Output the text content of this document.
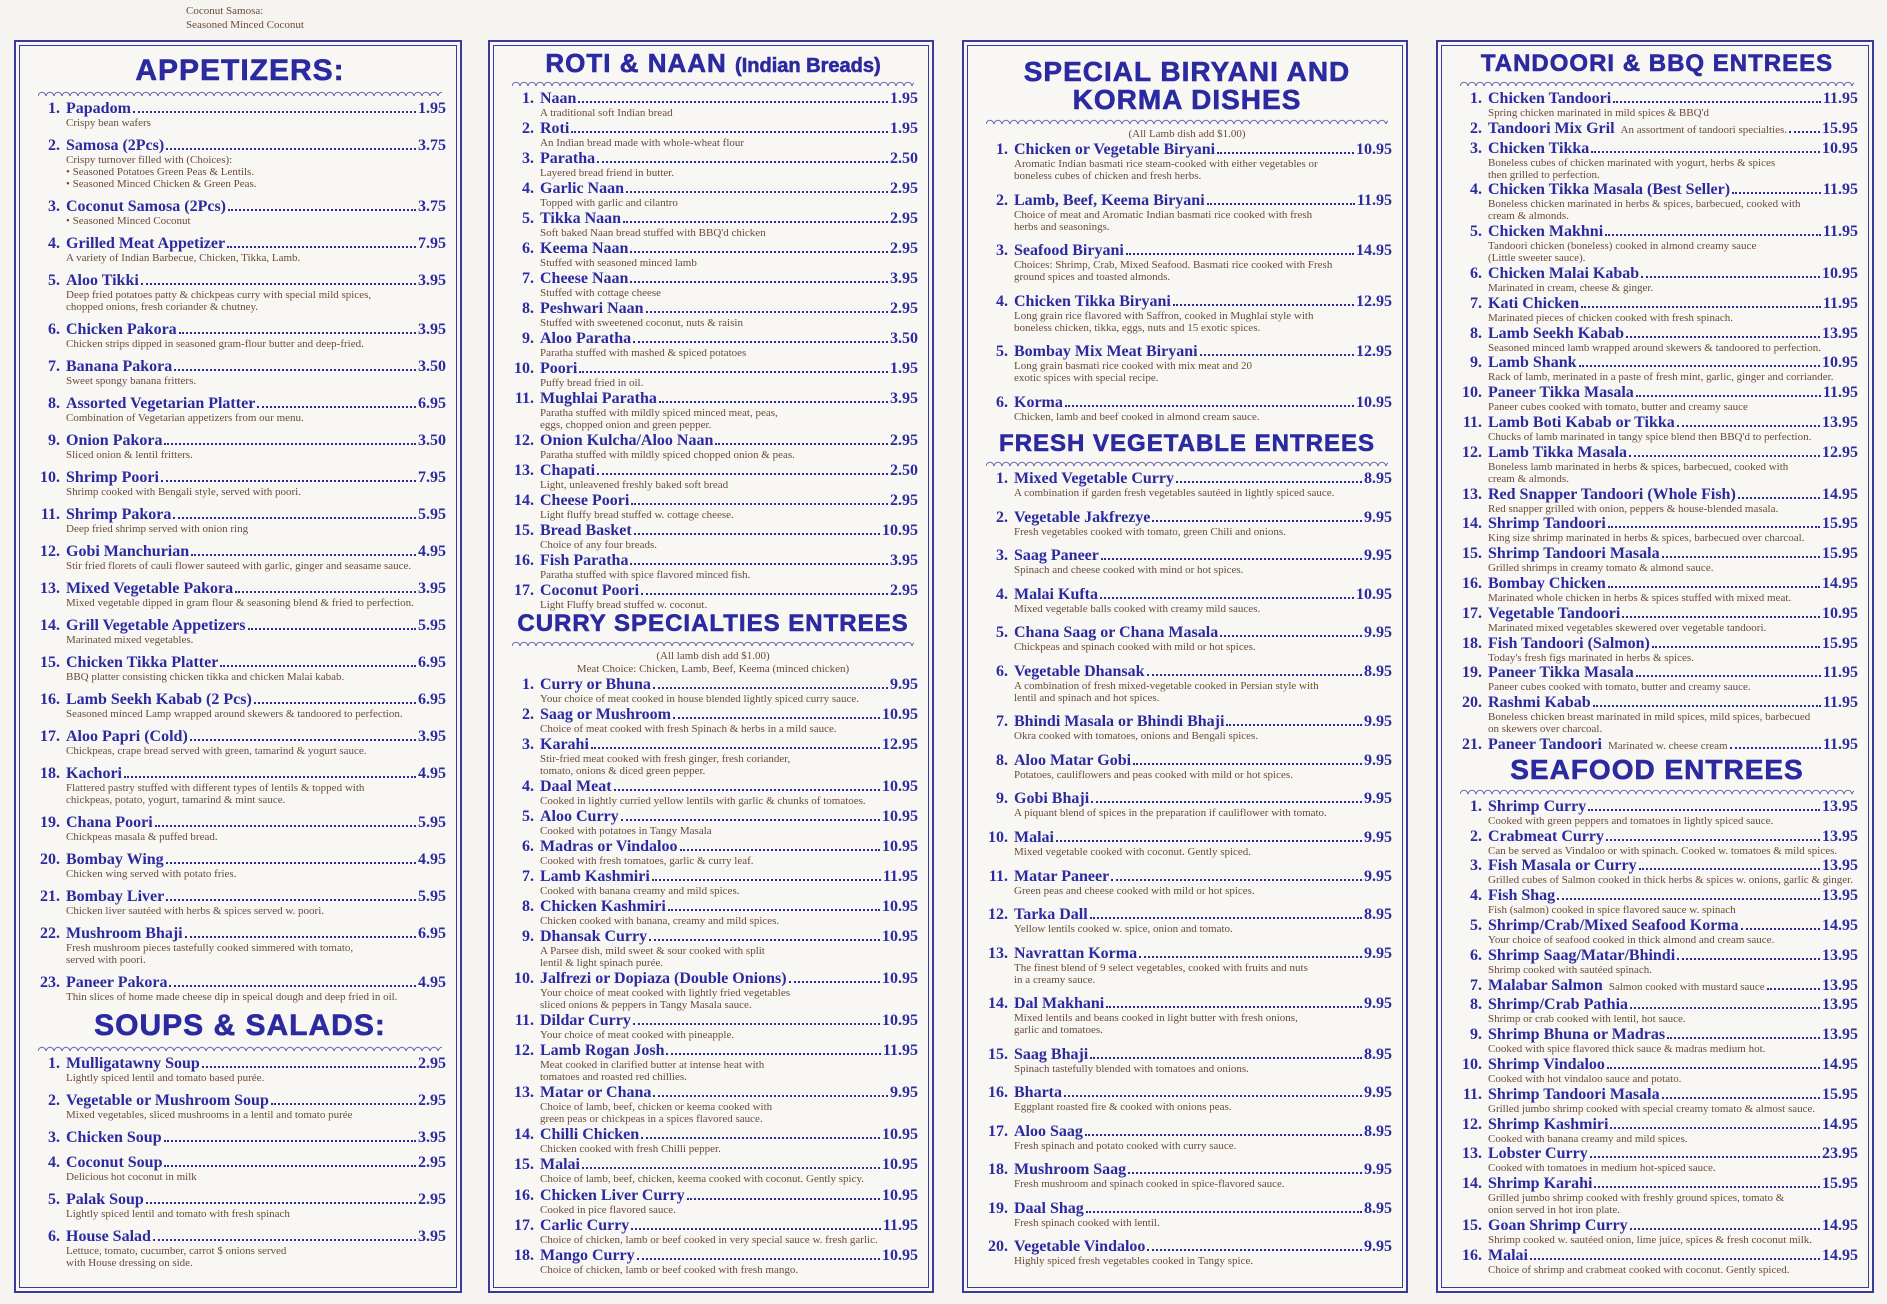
Coconut Samosa:
Seasoned Minced Coconut
APPETIZERS:
1. Papadom	1.95
Crispy bean wafers
2. Samosa (2Pcs)	3.75
Crispy turnover filled with (Choices):
• Seasoned Potatoes Green Peas & Lentils.
• Seasoned Minced Chicken & Green Peas.
3. Coconut Samosa (2Pcs)	3.75
• Seasoned Minced Coconut
4. Grilled Meat Appetizer	7.95
A variety of Indian Barbecue, Chicken, Tikka, Lamb.
5. Aloo Tikki	3.95
Deep fried potatoes patty & chickpeas curry with special mild spices,
chopped onions, fresh coriander & chutney.
6. Chicken Pakora	3.95
Chicken strips dipped in seasoned gram-flour butter and deep-fried.
7. Banana Pakora	3.50
Sweet spongy banana fritters.
8. Assorted Vegetarian Platter	6.95
Combination of Vegetarian appetizers from our menu.
9. Onion Pakora	3.50
Sliced onion & lentil fritters.
10. Shrimp Poori	7.95
Shrimp cooked with Bengali style, served with poori.
11. Shrimp Pakora	5.95
Deep fried shrimp served with onion ring
12. Gobi Manchurian	4.95
Stir fried florets of cauli flower sauteed with garlic, ginger and seasame sauce.
13. Mixed Vegetable Pakora	3.95
Mixed vegetable dipped in gram flour & seasoning blend & fried to perfection.
14. Grill Vegetable Appetizers	5.95
Marinated mixed vegetables.
15. Chicken Tikka Platter	6.95
BBQ platter consisting chicken tikka and chicken Malai kabab.
16. Lamb Seekh Kabab (2 Pcs)	6.95
Seasoned minced Lamp wrapped around skewers & tandoored to perfection.
17. Aloo Papri (Cold)	3.95
Chickpeas, crape bread served with green, tamarind & yogurt sauce.
18. Kachori	4.95
Flattered pastry stuffed with different types of lentils & topped with
chickpeas, potato, yogurt, tamarind & mint sauce.
19. Chana Poori	5.95
Chickpeas masala & puffed bread.
20. Bombay Wing	4.95
Chicken wing served with potato fries.
21. Bombay Liver	5.95
Chicken liver sautéed with herbs & spices served w. poori.
22. Mushroom Bhaji	6.95
Fresh mushroom pieces tastefully cooked simmered with tomato,
served with poori.
23. Paneer Pakora	4.95
Thin slices of home made cheese dip in speical dough and deep fried in oil.
SOUPS & SALADS:
1. Mulligatawny Soup	2.95
Lightly spiced lentil and tomato based purée.
2. Vegetable or Mushroom Soup	2.95
Mixed vegetables, sliced mushrooms in a lentil and tomato purée
3. Chicken Soup	3.95
4. Coconut Soup	2.95
Delicious hot coconut in milk
5. Palak Soup	2.95
Lightly spiced lentil and tomato with fresh spinach
6. House Salad	3.95
Lettuce, tomato, cucumber, carrot $ onions served
with House dressing on side.
ROTI & NAAN (Indian Breads)
1. Naan	1.95
A traditional soft Indian bread
2. Roti	1.95
An Indian bread made with whole-wheat flour
3. Paratha	2.50
Layered bread friend in butter.
4. Garlic Naan	2.95
Topped with garlic and cilantro
5. Tikka Naan	2.95
Soft baked Naan bread stuffed with BBQ'd chicken
6. Keema Naan	2.95
Stuffed with seasoned minced lamb
7. Cheese Naan	3.95
Stuffed with cottage cheese
8. Peshwari Naan	2.95
Stuffed with sweetened coconut, nuts & raisin
9. Aloo Paratha	3.50
Paratha stuffed with mashed & spiced potatoes
10. Poori	1.95
Puffy bread fried in oil.
11. Mughlai Paratha	3.95
Paratha stuffed with mildly spiced minced meat, peas,
eggs, chopped onion and green pepper.
12. Onion Kulcha/Aloo Naan	2.95
Paratha stuffed with mildly spiced chopped onion & peas.
13. Chapati	2.50
Light, unleavened freshly baked soft bread
14. Cheese Poori	2.95
Light fluffy bread stuffed w. cottage cheese.
15. Bread Basket	10.95
Choice of any four breads.
16. Fish Paratha	3.95
Paratha stuffed with spice flavored minced fish.
17. Coconut Poori	2.95
Light Fluffy bread stuffed w. coconut.
CURRY SPECIALTIES ENTREES
(All lamb dish add $1.00)
Meat Choice: Chicken, Lamb, Beef, Keema (minced chicken)
1. Curry or Bhuna	9.95
Your choice of meat cooked in house blended lightly spiced curry sauce.
2. Saag or Mushroom	10.95
Choice of meat cooked with fresh Spinach & herbs in a mild sauce.
3. Karahi	12.95
Stir-fried meat cooked with fresh ginger, fresh coriander,
tomato, onions & diced green pepper.
4. Daal Meat	10.95
Cooked in lightly curried yellow lentils with garlic & chunks of tomatoes.
5. Aloo Curry	10.95
Cooked with potatoes in Tangy Masala
6. Madras or Vindaloo	10.95
Cooked with fresh tomatoes, garlic & curry leaf.
7. Lamb Kashmiri	11.95
Cooked with banana creamy and mild spices.
8. Chicken Kashmiri	10.95
Chicken cooked with banana, creamy and mild spices.
9. Dhansak Curry	10.95
A Parsee dish, mild sweet & sour cooked with split
lentil & light spinach purée.
10. Jalfrezi or Dopiaza (Double Onions)	10.95
Your choice of meat cooked with lightly fried vegetables
sliced onions & peppers in Tangy Masala sauce.
11. Dildar Curry	10.95
Your choice of meat cooked with pineapple.
12. Lamb Rogan Josh	11.95
Meat cooked in clarified butter at intense heat with
tomatoes and roasted red chillies.
13. Matar or Chana	9.95
Choice of lamb, beef, chicken or keema cooked with
green peas or chickpeas in a spices flavored sauce.
14. Chilli Chicken	10.95
Chicken cooked with fresh Chilli pepper.
15. Malai	10.95
Choice of lamb, beef, chicken, keema cooked with coconut. Gently spicy.
16. Chicken Liver Curry	10.95
Cooked in pice flavored sauce.
17. Carlic Curry	11.95
Choice of chicken, lamb or beef cooked in very special sauce w. fresh garlic.
18. Mango Curry	10.95
Choice of chicken, lamb or beef cooked with fresh mango.
SPECIAL BIRYANI AND KORMA DISHES
(All Lamb dish add $1.00)
1. Chicken or Vegetable Biryani	10.95
Aromatic Indian basmati rice steam-cooked with either vegetables or
boneless cubes of chicken and fresh herbs.
2. Lamb, Beef, Keema Biryani	11.95
Choice of meat and Aromatic Indian basmati rice cooked with fresh
herbs and seasonings.
3. Seafood Biryani	14.95
Choices: Shrimp, Crab, Mixed Seafood. Basmati rice cooked with Fresh
ground spices and toasted almonds.
4. Chicken Tikka Biryani	12.95
Long grain rice flavored with Saffron, cooked in Mughlai style with
boneless chicken, tikka, eggs, nuts and 15 exotic spices.
5. Bombay Mix Meat Biryani	12.95
Long grain basmati rice cooked with mix meat and 20
exotic spices with special recipe.
6. Korma	10.95
Chicken, lamb and beef cooked in almond cream sauce.
FRESH VEGETABLE ENTREES
1. Mixed Vegetable Curry	8.95
A combination if garden fresh vegetables sautéed in lightly spiced sauce.
2. Vegetable Jakfrezye	9.95
Fresh vegetables cooked with tomato, green Chili and onions.
3. Saag Paneer	9.95
Spinach and cheese cooked with mind or hot spices.
4. Malai Kufta	10.95
Mixed vegetable balls cooked with creamy mild sauces.
5. Chana Saag or Chana Masala	9.95
Chickpeas and spinach cooked with mild or hot spices.
6. Vegetable Dhansak	8.95
A combination of fresh mixed-vegetable cooked in Persian style with
lentil and spinach and hot spices.
7. Bhindi Masala or Bhindi Bhaji	9.95
Okra cooked with tomatoes, onions and Bengali spices.
8. Aloo Matar Gobi	9.95
Potatoes, cauliflowers and peas cooked with mild or hot spices.
9. Gobi Bhaji	9.95
A piquant blend of spices in the preparation if cauliflower with tomato.
10. Malai	9.95
Mixed vegetable cooked with coconut. Gently spiced.
11. Matar Paneer	9.95
Green peas and cheese cooked with mild or hot spices.
12. Tarka Dall	8.95
Yellow lentils cooked w. spice, onion and tomato.
13. Navrattan Korma	9.95
The finest blend of 9 select vegetables, cooked with fruits and nuts
in a creamy sauce.
14. Dal Makhani	9.95
Mixed lentils and beans cooked in light butter with fresh onions,
garlic and tomatoes.
15. Saag Bhaji	8.95
Spinach tastefully blended with tomatoes and onions.
16. Bharta	9.95
Eggplant roasted fire & cooked with onions peas.
17. Aloo Saag	8.95
Fresh spinach and potato cooked with curry sauce.
18. Mushroom Saag	9.95
Fresh mushroom and spinach cooked in spice-flavored sauce.
19. Daal Shag	8.95
Fresh spinach cooked with lentil.
20. Vegetable Vindaloo	9.95
Highly spiced fresh vegetables cooked in Tangy spice.
TANDOORI & BBQ ENTREES
1. Chicken Tandoori	11.95
Spring chicken marinated in mild spices & BBQ'd
2. Tandoori Mix Gril An assortment of tandoori specialties. 15.95
3. Chicken Tikka	10.95
Boneless cubes of chicken marinated with yogurt, herbs & spices
then grilled to perfection.
4. Chicken Tikka Masala (Best Seller)	11.95
Boneless chicken marinated in herbs & spices, barbecued, cooked with
cream & almonds.
5. Chicken Makhni	11.95
Tandoori chicken (boneless) cooked in almond creamy sauce
(Little sweeter sauce).
6. Chicken Malai Kabab	10.95
Marinated in cream, cheese & ginger.
7. Kati Chicken	11.95
Marinated pieces of chicken cooked with fresh spinach.
8. Lamb Seekh Kabab	13.95
Seasoned minced lamb wrapped around skewers & tandoored to perfection.
9. Lamb Shank	10.95
Rack of lamb, merinated in a paste of fresh mint, garlic, ginger and corriander.
10. Paneer Tikka Masala	11.95
Paneer cubes cooked with tomato, butter and creamy sauce
11. Lamb Boti Kabab or Tikka	13.95
Chucks of lamb marinated in tangy spice blend then BBQ'd to perfection.
12. Lamb Tikka Masala	12.95
Boneless lamb marinated in herbs & spices, barbecued, cooked with
cream & almonds.
13. Red Snapper Tandoori (Whole Fish)	14.95
Red snapper grilled with onion, peppers & house-blended masala.
14. Shrimp Tandoori	15.95
King size shrimp marinated in herbs & spices, barbecued over charcoal.
15. Shrimp Tandoori Masala	15.95
Grilled shrimps in creamy tomato & almond sauce.
16. Bombay Chicken	14.95
Marinated whole chicken in herbs & spices stuffed with mixed meat.
17. Vegetable Tandoori	10.95
Marinated mixed vegetables skewered over vegetable tandoori.
18. Fish Tandoori (Salmon)	15.95
Today's fresh figs marinated in herbs & spices.
19. Paneer Tikka Masala	11.95
Paneer cubes cooked with tomato, butter and creamy sauce.
20. Rashmi Kabab	11.95
Boneless chicken breast marinated in mild spices, mild spices, barbecued
on skewers over charcoal.
21. Paneer Tandoori Marinated w. cheese cream	11.95
SEAFOOD ENTREES
1. Shrimp Curry	13.95
Cooked with green peppers and tomatoes in lightly spiced sauce.
2. Crabmeat Curry	13.95
Can be served as Vindaloo or with spinach. Cooked w. tomatoes & mild spices.
3. Fish Masala or Curry	13.95
Grilled cubes of Salmon cooked in thick herbs & spices w. onions, garlic & ginger.
4. Fish Shag	13.95
Fish (salmon) cooked in spice flavored sauce w. spinach
5. Shrimp/Crab/Mixed Seafood Korma	14.95
Your choice of seafood cooked in thick almond and cream sauce.
6. Shrimp Saag/Matar/Bhindi	13.95
Shrimp cooked with sautéed spinach.
7. Malabar Salmon Salmon cooked with mustard sauce	13.95
8. Shrimp/Crab Pathia	13.95
Shrimp or crab cooked with lentil, hot sauce.
9. Shrimp Bhuna or Madras	13.95
Cooked with spice flavored thick sauce & madras medium hot.
10. Shrimp Vindaloo	14.95
Cooked with hot vindaloo sauce and potato.
11. Shrimp Tandoori Masala	15.95
Grilled jumbo shrimp cooked with special creamy tomato & almost sauce.
12. Shrimp Kashmiri	14.95
Cooked with banana creamy and mild spices.
13. Lobster Curry	23.95
Cooked with tomatoes in medium hot-spiced sauce.
14. Shrimp Karahi	15.95
Grilled jumbo shrimp cooked with freshly ground spices, tomato &
onion served in hot iron plate.
15. Goan Shrimp Curry	14.95
Shrimp cooked w. sautéed onion, lime juice, spices & fresh coconut milk.
16. Malai	14.95
Choice of shrimp and crabmeat cooked with coconut. Gently spiced.
